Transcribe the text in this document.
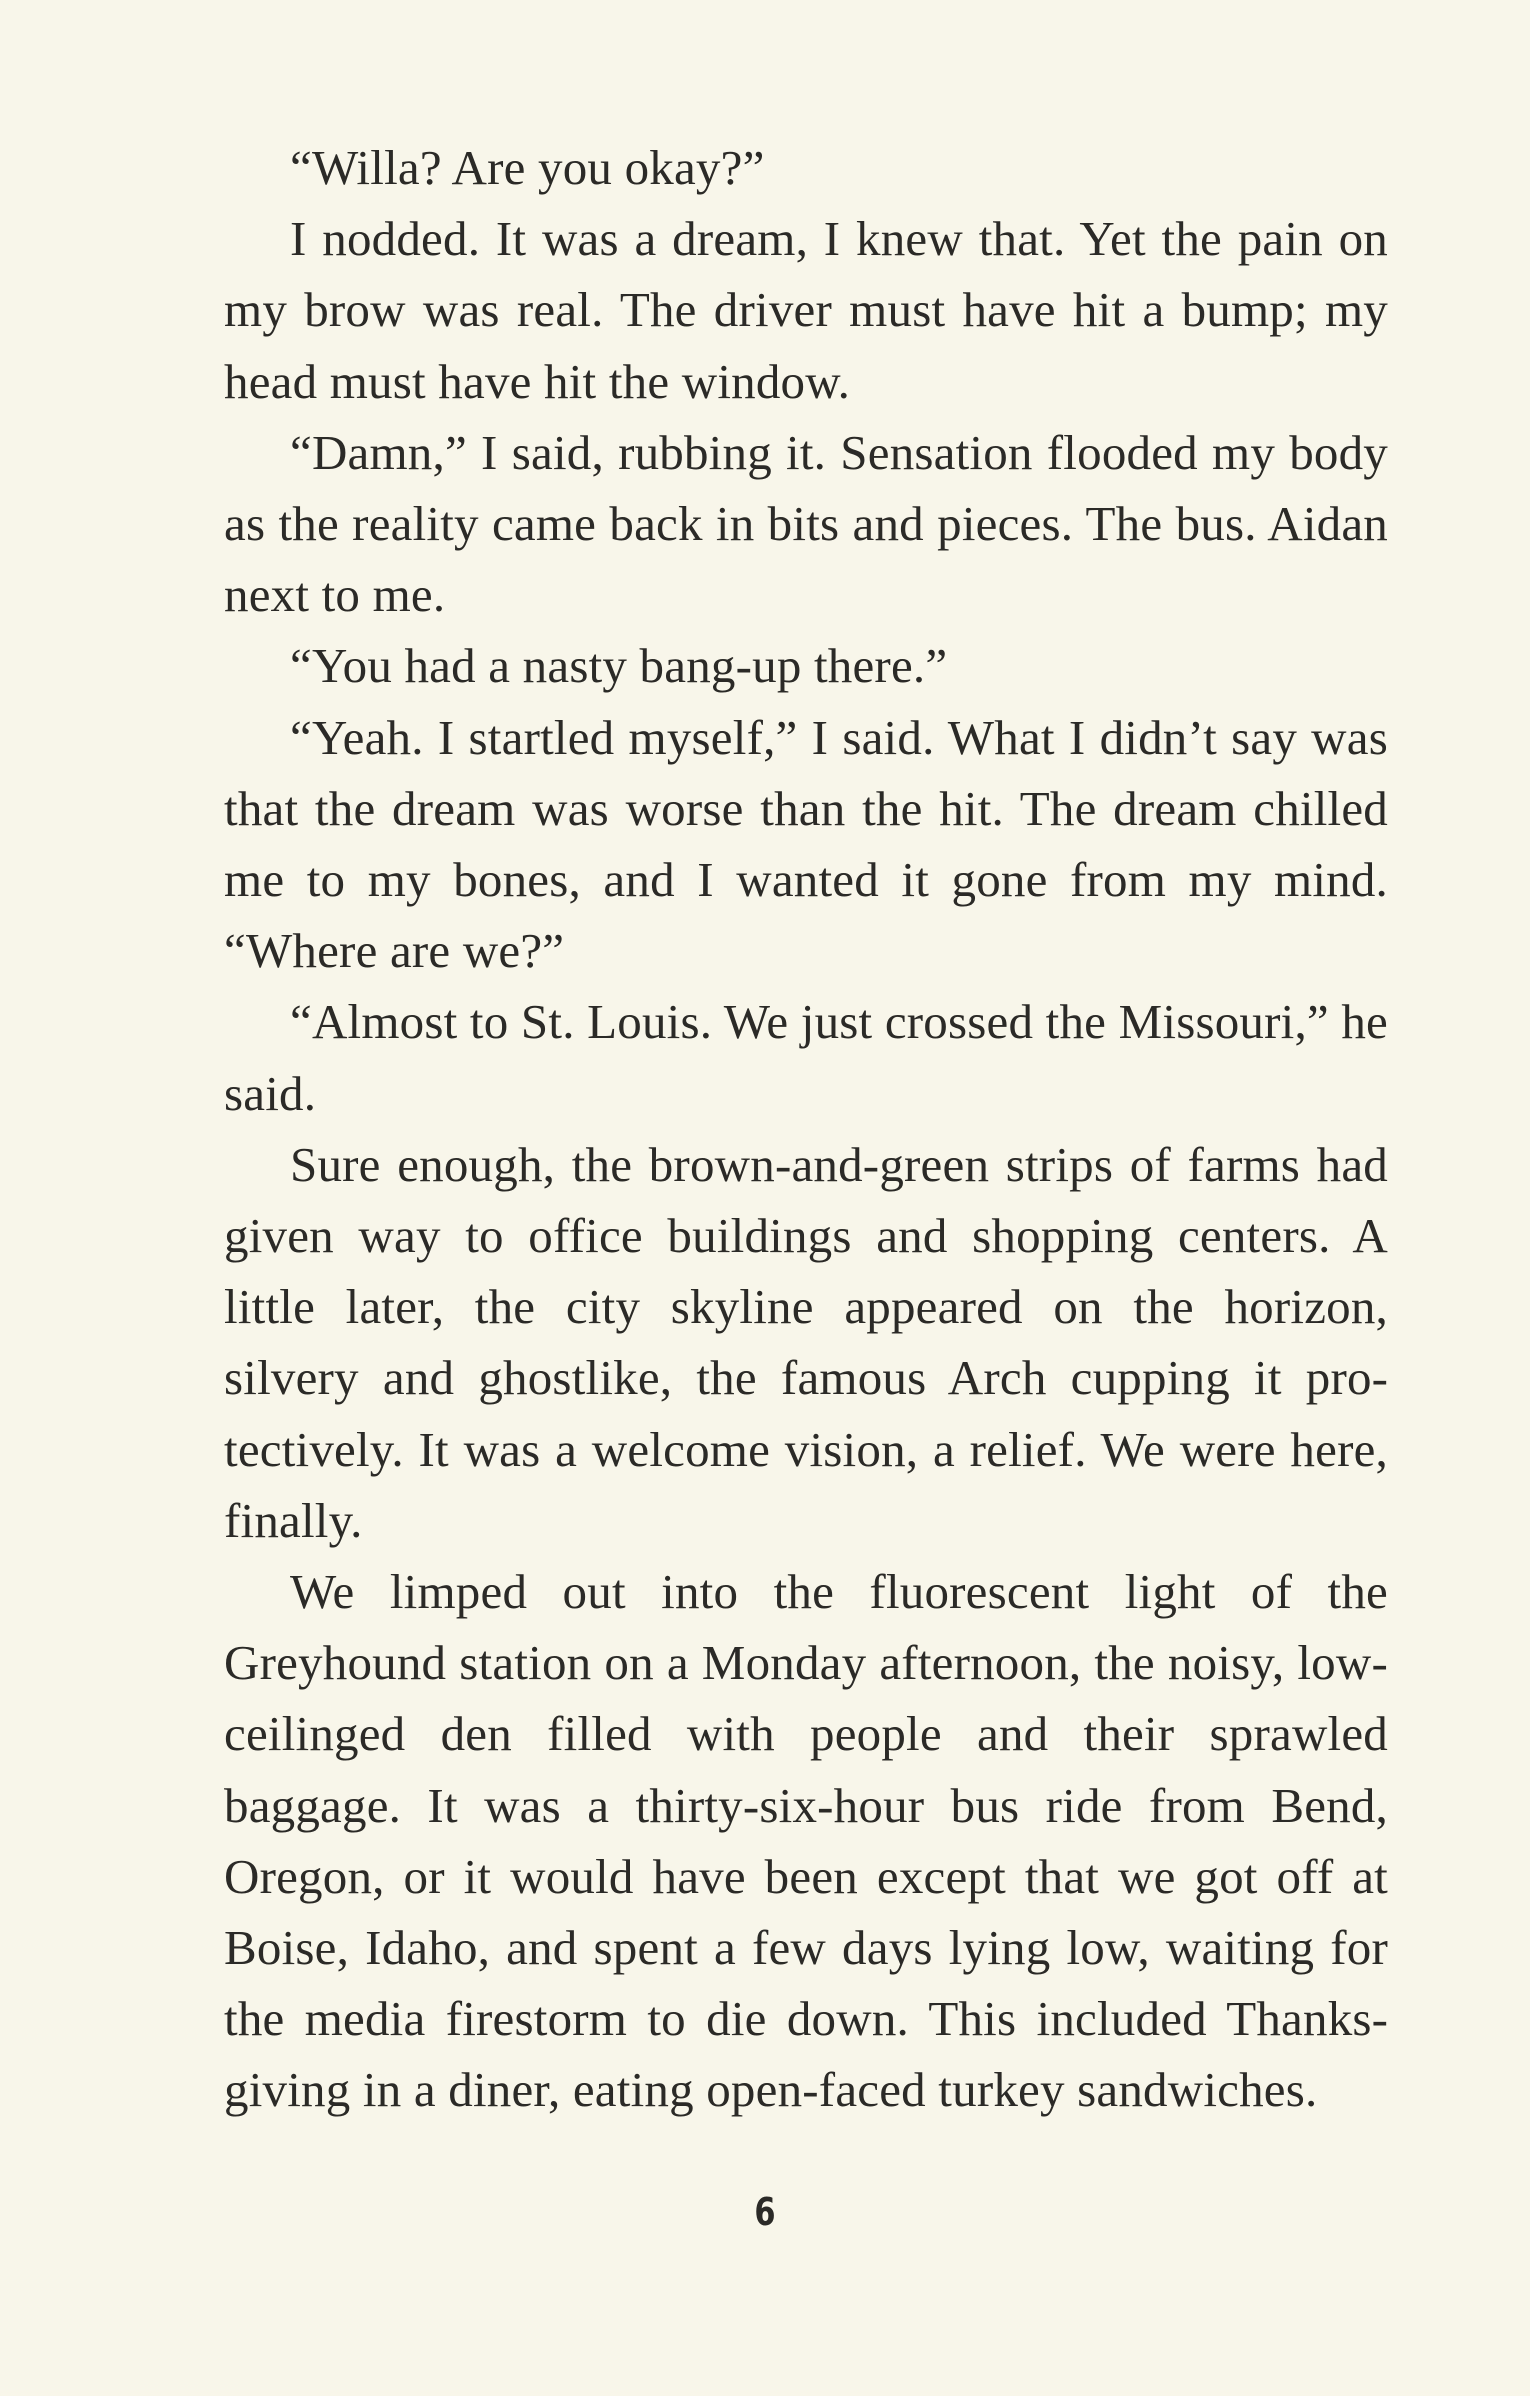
“Willa? Are you okay?”

I nodded. It was a dream, I knew that. Yet the pain on my brow was real. The driver must have hit a bump; my head must have hit the window.

“Damn,” I said, rubbing it. Sensation flooded my body as the reality came back in bits and pieces. The bus. Aidan next to me.

“You had a nasty bang-up there.”

“Yeah. I startled myself,” I said. What I didn’t say was that the dream was worse than the hit. The dream chilled me to my bones, and I wanted it gone from my mind. “Where are we?”

“Almost to St. Louis. We just crossed the Missouri,” he said.

Sure enough, the brown-and-green strips of farms had given way to office buildings and shopping centers. A little later, the city skyline appeared on the horizon, silvery and ghostlike, the famous Arch cupping it protectively. It was a welcome vision, a relief. We were here, finally.

We limped out into the fluorescent light of the Greyhound station on a Monday afternoon, the noisy, low-ceilinged den filled with people and their sprawled baggage. It was a thirty-six-hour bus ride from Bend, Oregon, or it would have been except that we got off at Boise, Idaho, and spent a few days lying low, waiting for the media firestorm to die down. This included Thanksgiving in a diner, eating open-faced turkey sandwiches.

6
